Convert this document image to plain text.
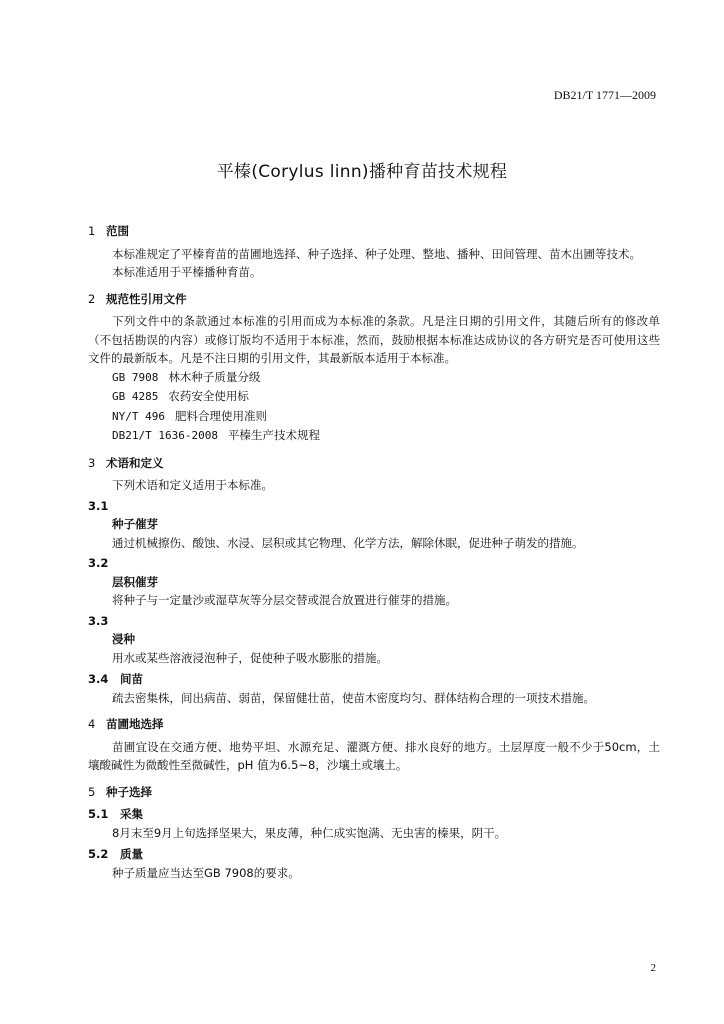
DB21/T 1771—2009
平榛(Corylus linn)播种育苗技术规程
1 范围
本标准规定了平榛育苗的苗圃地选择、种子选择、种子处理、整地、播种、田间管理、苗木出圃等技术。
本标准适用于平榛播种育苗。
2 规范性引用文件
下列文件中的条款通过本标准的引用而成为本标准的条款。凡是注日期的引用文件，其随后所有的修改单（不包括勘误的内容）或修订版均不适用于本标准，然而，鼓励根据本标准达成协议的各方研究是否可使用这些文件的最新版本。凡是不注日期的引用文件，其最新版本适用于本标准。
GB 7908 林木种子质量分级
GB 4285 农药安全使用标
NY/T 496 肥料合理使用准则
DB21/T 1636-2008 平榛生产技术规程
3 术语和定义
下列术语和定义适用于本标准。
3.1
种子催芽
通过机械擦伤、酸蚀、水浸、层积或其它物理、化学方法，解除休眠，促进种子萌发的措施。
3.2
层积催芽
将种子与一定量沙或湿草灰等分层交替或混合放置进行催芽的措施。
3.3
浸种
用水或某些溶液浸泡种子，促使种子吸水膨胀的措施。
3.4 间苗
疏去密集株，间出病苗、弱苗，保留健壮苗，使苗木密度均匀、群体结构合理的一项技术措施。
4 苗圃地选择
苗圃宜设在交通方便、地势平坦、水源充足、灌溉方便、排水良好的地方。土层厚度一般不少于50cm，土壤酸碱性为微酸性至微碱性，pH 值为6.5~8，沙壤土或壤土。
5 种子选择
5.1 采集
8月末至9月上旬选择坚果大，果皮薄，种仁成实饱满、无虫害的榛果，阴干。
5.2 质量
种子质量应当达至GB 7908的要求。
2
